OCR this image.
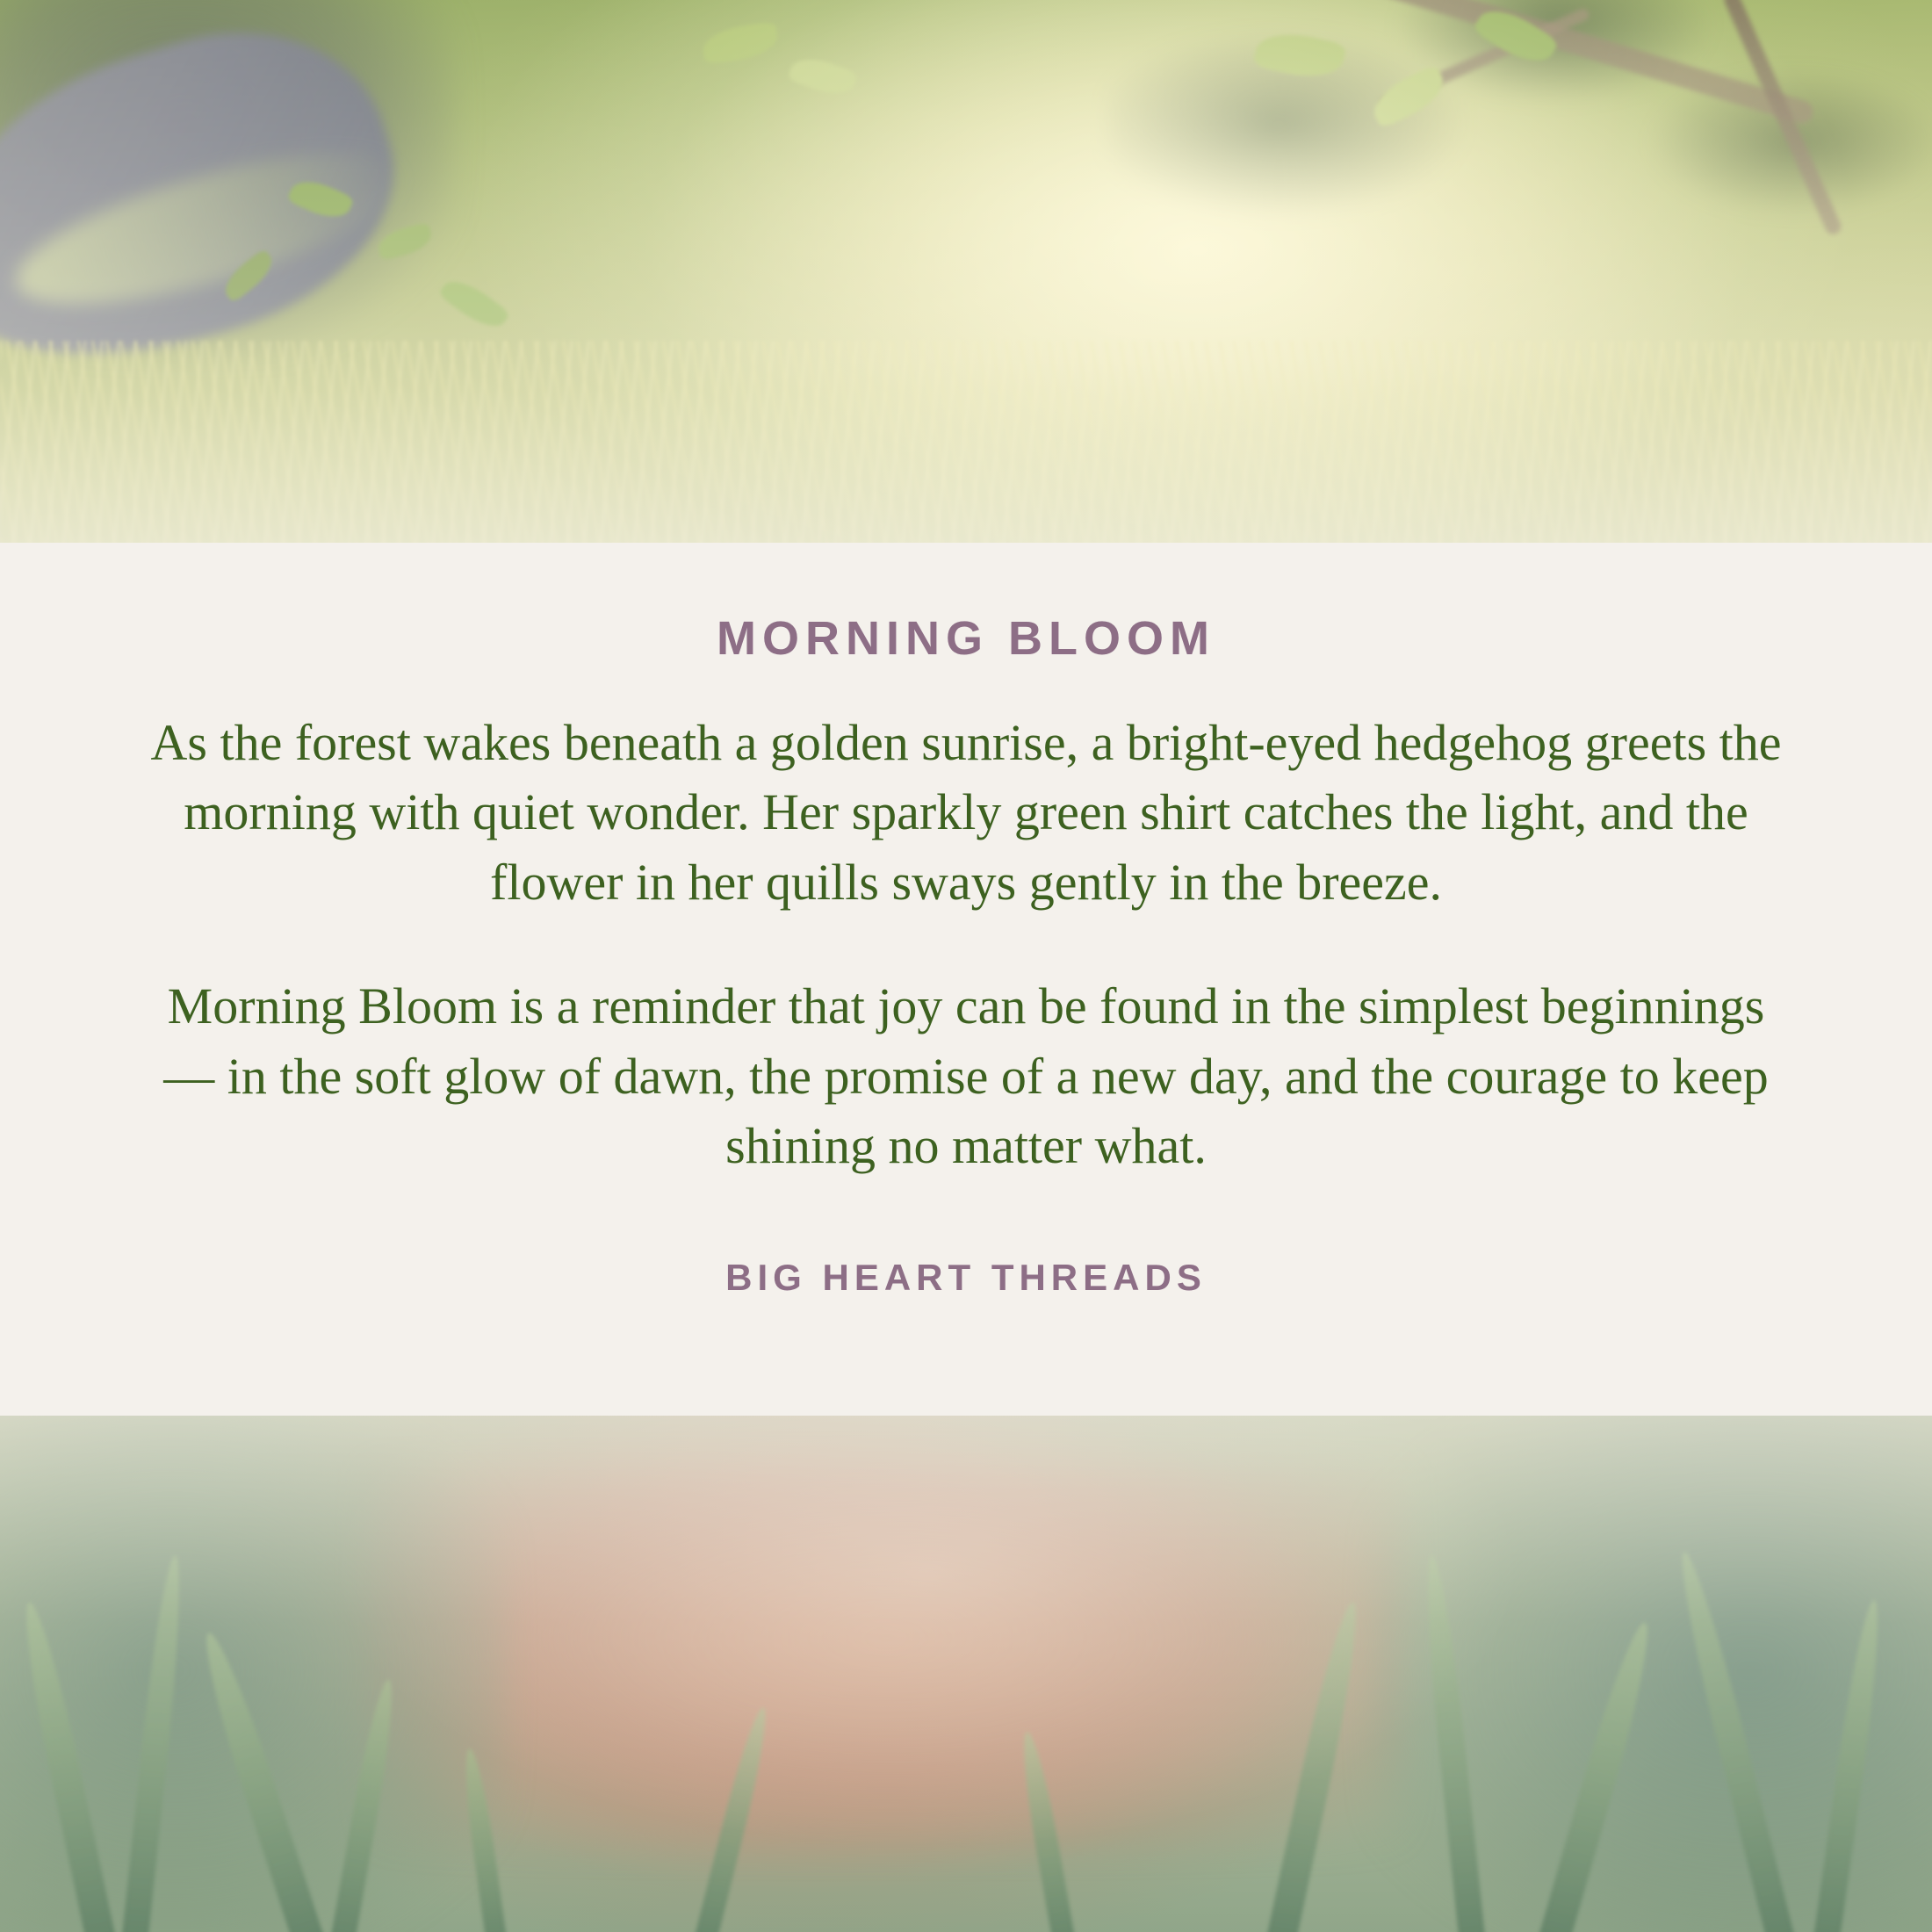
MORNING BLOOM

As the forest wakes beneath a golden sunrise, a bright-eyed hedgehog greets the morning with quiet wonder. Her sparkly green shirt catches the light, and the flower in her quills sways gently in the breeze.

Morning Bloom is a reminder that joy can be found in the simplest beginnings — in the soft glow of dawn, the promise of a new day, and the courage to keep shining no matter what.

BIG HEART THREADS
